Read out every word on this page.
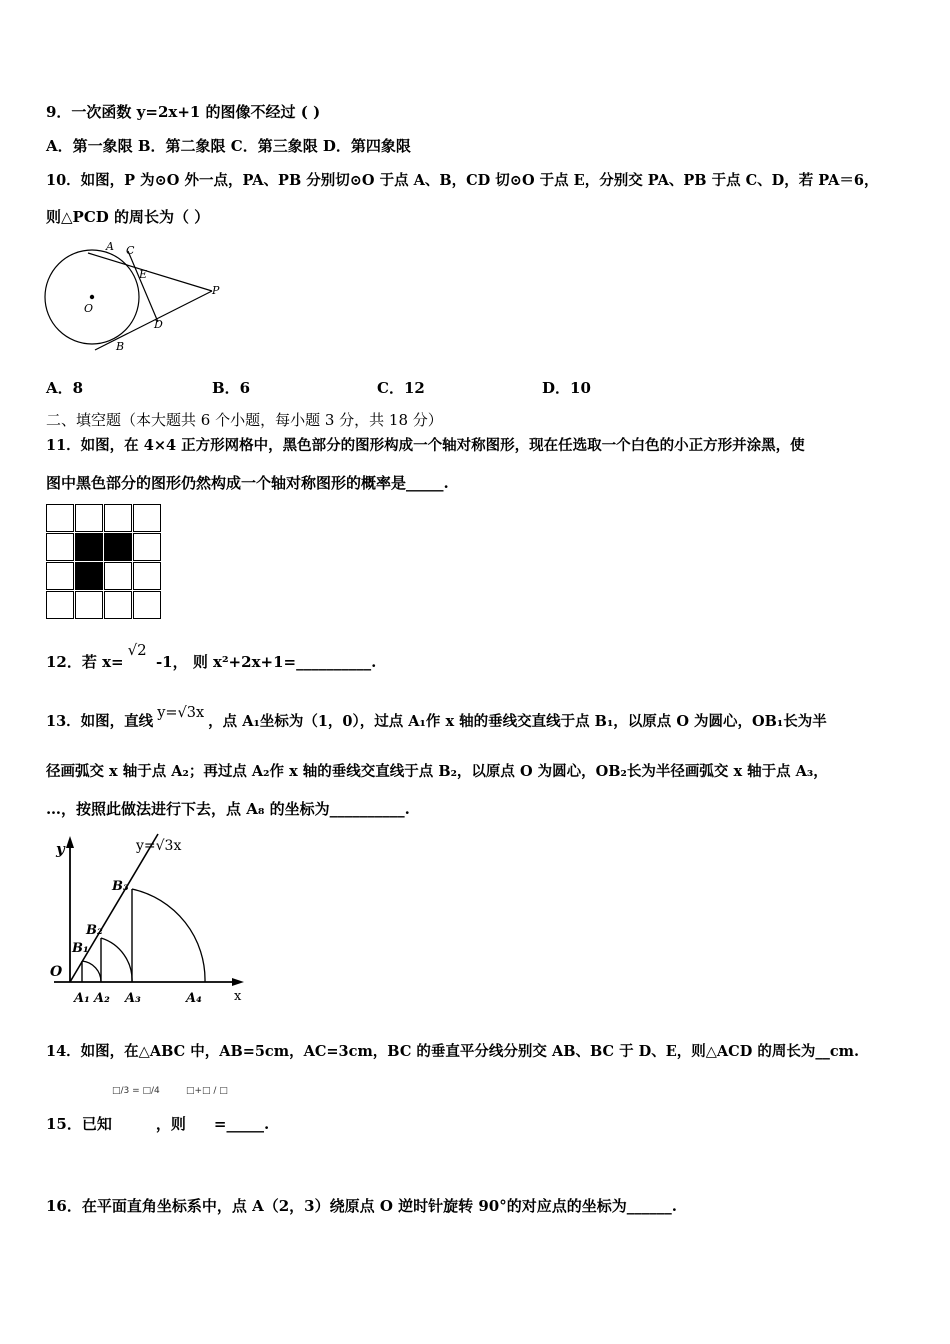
9．一次函数 y=2x+1 的图像不经过 ( )
A．第一象限 B．第二象限 C．第三象限 D．第四象限
10．如图，P 为⊙O 外一点，PA、PB 分别切⊙O 于点 A、B，CD 切⊙O 于点 E，分别交 PA、PB 于点 C、D，若 PA＝6，
则△PCD 的周长为（ ）
A C
E
P
O
D
B
A．8	B．6	C．12	D．10
二、填空题（本大题共 6 个小题，每小题 3 分，共 18 分）
11．如图，在 4×4 正方形网格中，黑色部分的图形构成一个轴对称图形，现在任选取一个白色的小正方形并涂黑，使
图中黑色部分的图形仍然构成一个轴对称图形的概率是_____.
12．若 x=√2 -1， 则 x²+2x+1=__________.
13．如图，直线 y=√3x ，点 A₁坐标为（1，0），过点 A₁作 x 轴的垂线交直线于点 B₁，以原点 O 为圆心，OB₁长为半
径画弧交 x 轴于点 A₂；再过点 A₂作 x 轴的垂线交直线于点 B₂，以原点 O 为圆心，OB₂长为半径画弧交 x 轴于点 A₃，
…，按照此做法进行下去，点 A₈ 的坐标为__________.
y	y=√3x
O
B₁
B₂
B₃
A₁ A₂ A₃	A₄ x
14．如图，在△ABC 中，AB=5cm，AC=3cm，BC 的垂直平分线分别交 AB、BC 于 D、E，则△ACD 的周长为__cm.
□/3 = □/4	□+□ / □
15．已知	，则 =_____.
16．在平面直角坐标系中，点 A（2，3）绕原点 O 逆时针旋转 90°的对应点的坐标为______.
